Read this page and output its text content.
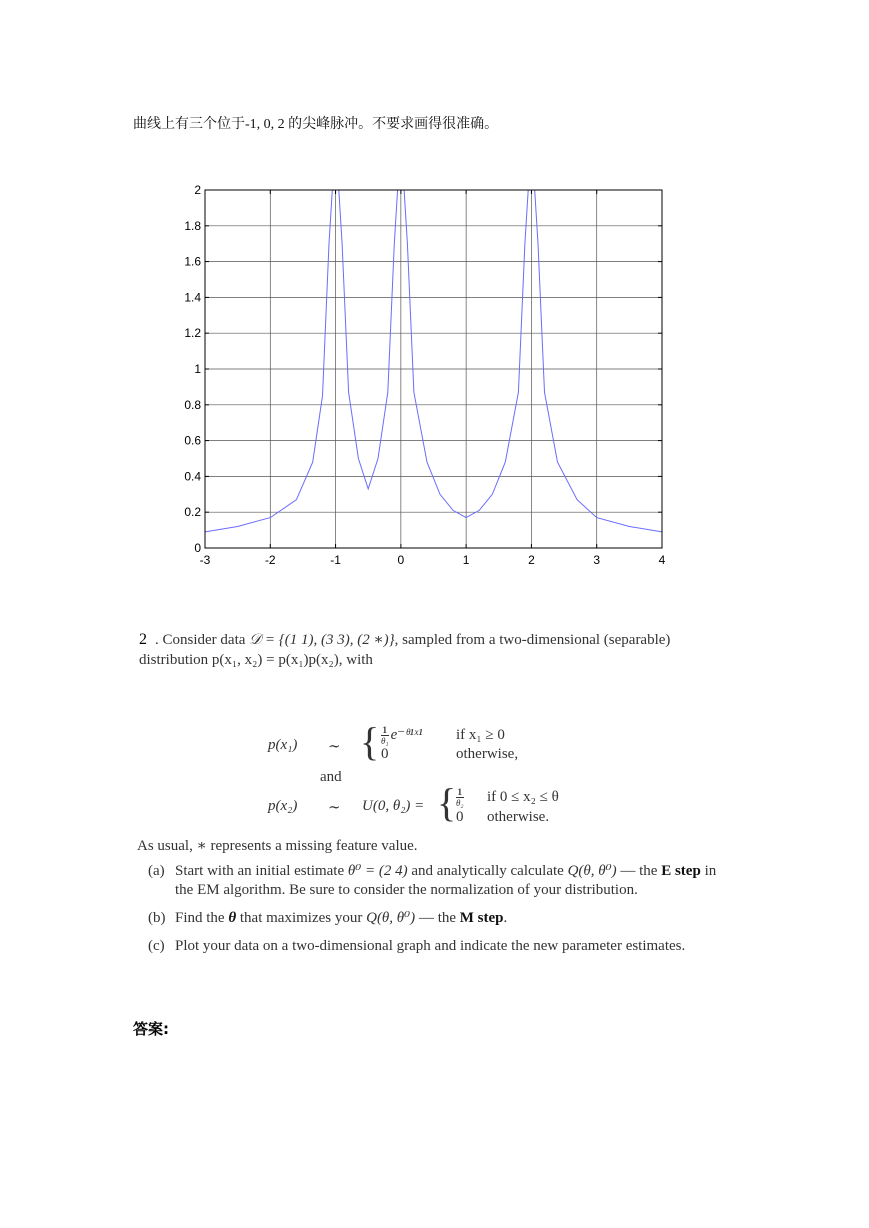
曲线上有三个位于-1, 0, 2 的尖峰脉冲。不要求画得很准确。
-3	-2	-1	0	1	2	3	4
0
0.2
0.4
0.6
0.8
1
1.2
1.4
1.6
1.8
2
2 . Consider data 𝒟 = {(1 1), (3 3), (2 ∗)}, sampled from a two-dimensional (separable)
distribution p(x₁, x₂) = p(x₁)p(x₂), with
p(x₁) ∼ { $\frac{1}{\text{θ₁}}$ e⁻ᶿ¹ˣ¹ if x₁ ≥ 0
0	otherwise,
and
p(x₂) ∼ U(0, θ₂) = { $\frac{1}{\text{θ₂}}$ if 0 ≤ x₂ ≤ θ
0 otherwise.
As usual, ∗ represents a missing feature value.
(a) Start with an initial estimate θ⁰ = (2 4) and analytically calculate Q(θ, θ⁰) — the E step in the EM algorithm. Be sure to consider the normalization of your distribution.
(b) Find the θ that maximizes your Q(θ, θ⁰) — the M step.
(c) Plot your data on a two-dimensional graph and indicate the new parameter estimates.
答案:
